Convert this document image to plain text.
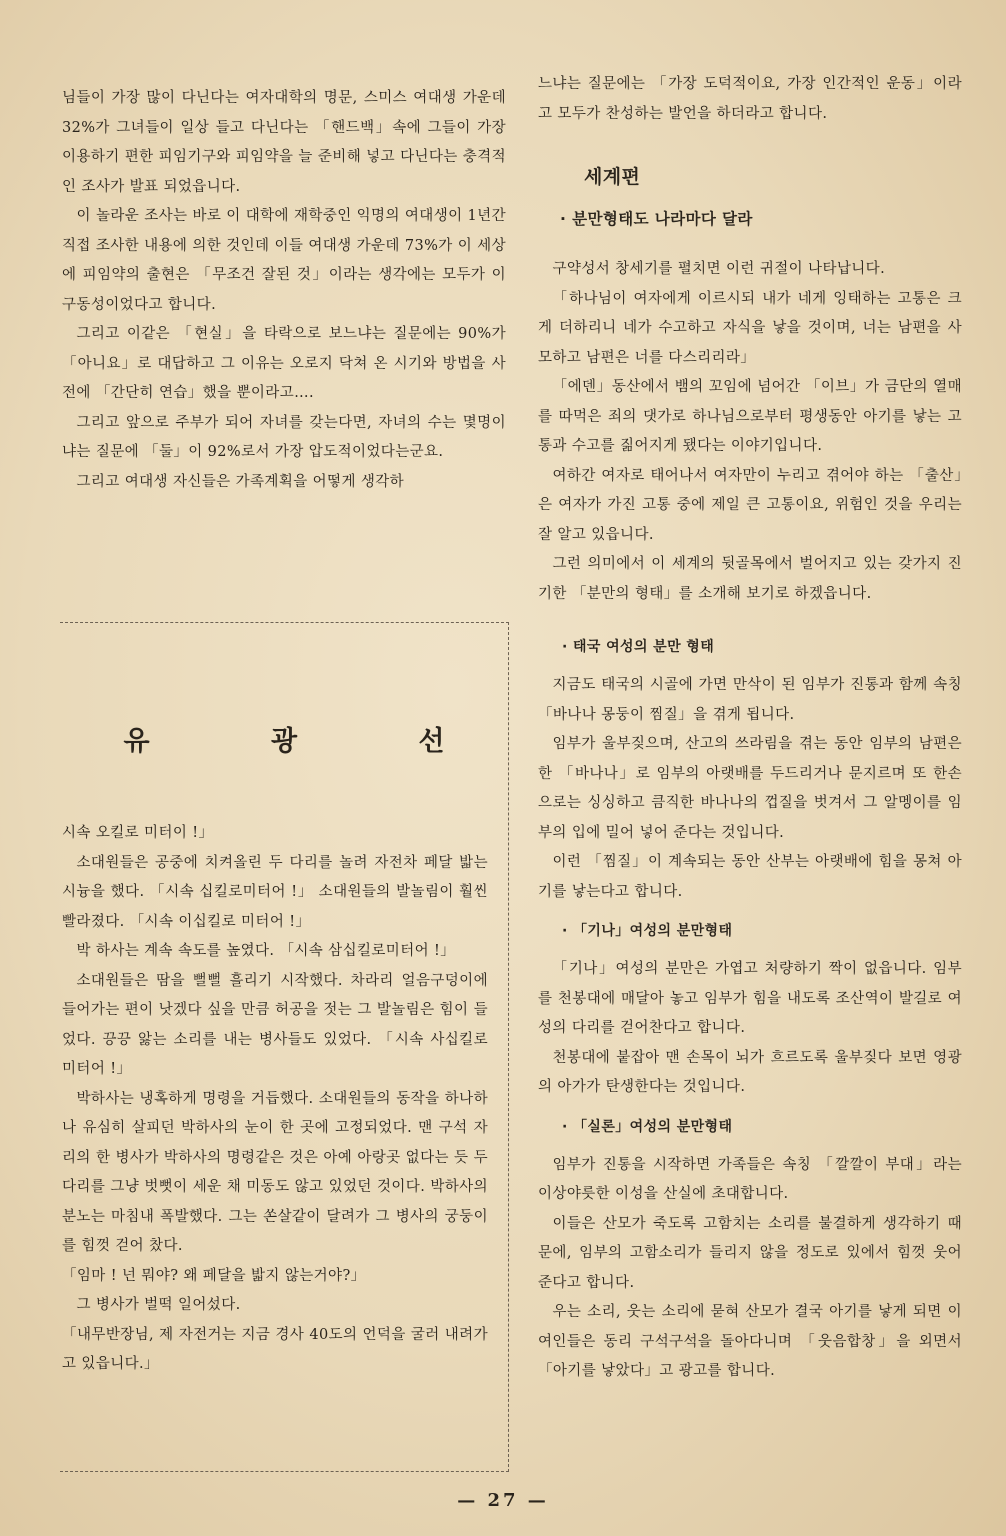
님들이 가장 많이 다닌다는 여자대학의 명문, 스미스 여대생 가운데 32%가 그녀들이 일상 들고 다닌다는 「핸드백」속에 그들이 가장 이용하기 편한 피임기구와 피임약을 늘 준비해 넣고 다닌다는 충격적인 조사가 발표 되었읍니다.

이 놀라운 조사는 바로 이 대학에 재학중인 익명의 여대생이 1년간 직접 조사한 내용에 의한 것인데 이들 여대생 가운데 73%가 이 세상에 피임약의 출현은 「무조건 잘된 것」이라는 생각에는 모두가 이구동성이었다고 합니다.

그리고 이같은 「현실」을 타락으로 보느냐는 질문에는 90%가 「아니요」로 대답하고 그 이유는 오로지 닥쳐 온 시기와 방법을 사전에 「간단히 연습」했을 뿐이라고….

그리고 앞으로 주부가 되어 자녀를 갖는다면, 자녀의 수는 몇명이냐는 질문에 「둘」이 92%로서 가장 압도적이었다는군요.

그리고 여대생 자신들은 가족계획을 어떻게 생각하

유 광 선

시속 오킬로 미터이 !」

소대원들은 공중에 치켜올린 두 다리를 놀려 자전차 페달 밟는 시늉을 했다. 「시속 십킬로미터어 !」 소대원들의 발놀림이 훨씬 빨라졌다. 「시속 이십킬로 미터어 !」

박 하사는 계속 속도를 높였다. 「시속 삼십킬로미터어 !」

소대원들은 땀을 뻘뻘 흘리기 시작했다. 차라리 얼음구덩이에 들어가는 편이 낫겠다 싶을 만큼 허공을 젓는 그 발놀림은 힘이 들었다. 끙끙 앓는 소리를 내는 병사들도 있었다. 「시속 사십킬로 미터어 !」

박하사는 냉혹하게 명령을 거듭했다. 소대원들의 동작을 하나하나 유심히 살피던 박하사의 눈이 한 곳에 고정되었다. 맨 구석 자리의 한 병사가 박하사의 명령같은 것은 아예 아랑곳 없다는 듯 두 다리를 그냥 벗뻣이 세운 채 미동도 않고 있었던 것이다. 박하사의 분노는 마침내 폭발했다. 그는 쏜살같이 달려가 그 병사의 궁둥이를 힘껏 걷어 찼다.

「임마 ! 넌 뭐야? 왜 페달을 밟지 않는거야?」

그 병사가 벌떡 일어섰다.

「내무반장님, 제 자전거는 지금 경사 40도의 언덕을 굴러 내려가고 있읍니다.」

느냐는 질문에는 「가장 도덕적이요, 가장 인간적인 운동」이라고 모두가 찬성하는 발언을 하더라고 합니다.

세계편
· 분만형태도 나라마다 달라

구약성서 창세기를 펼치면 이런 귀절이 나타납니다.

「하나님이 여자에게 이르시되 내가 네게 잉태하는 고통은 크게 더하리니 네가 수고하고 자식을 낳을 것이며, 너는 남편을 사모하고 남편은 너를 다스리리라」

「에덴」동산에서 뱀의 꼬임에 넘어간 「이브」가 금단의 열매를 따먹은 죄의 댓가로 하나님으로부터 평생동안 아기를 낳는 고통과 수고를 짊어지게 됐다는 이야기입니다.

여하간 여자로 태어나서 여자만이 누리고 겪어야 하는 「출산」은 여자가 가진 고통 중에 제일 큰 고통이요, 위험인 것을 우리는 잘 알고 있읍니다.

그런 의미에서 이 세계의 뒷골목에서 벌어지고 있는 갖가지 진기한 「분만의 형태」를 소개해 보기로 하겠읍니다.

· 태국 여성의 분만 형태

지금도 태국의 시골에 가면 만삭이 된 임부가 진통과 함께 속칭「바나나 몽둥이 찜질」을 겪게 됩니다.

임부가 울부짖으며, 산고의 쓰라림을 겪는 동안 임부의 남편은 한 「바나나」로 임부의 아랫배를 두드리거나 문지르며 또 한손으로는 싱싱하고 큼직한 바나나의 껍질을 벗겨서 그 알멩이를 임부의 입에 밀어 넣어 준다는 것입니다.

이런 「찜질」이 계속되는 동안 산부는 아랫배에 힘을 몽쳐 아기를 낳는다고 합니다.

· 「기나」여성의 분만형태

「기나」여성의 분만은 가엽고 처량하기 짝이 없읍니다. 임부를 천봉대에 매달아 놓고 임부가 힘을 내도록 조산역이 발길로 여성의 다리를 걷어찬다고 합니다.

천봉대에 붙잡아 맨 손목이 뇌가 흐르도록 울부짖다 보면 영광의 아가가 탄생한다는 것입니다.

· 「실론」여성의 분만형태

임부가 진통을 시작하면 가족들은 속칭 「깔깔이 부대」라는 이상야릇한 이성을 산실에 초대합니다.

이들은 산모가 죽도록 고함치는 소리를 불결하게 생각하기 때문에, 임부의 고함소리가 들리지 않을 정도로 있에서 힘껏 웃어 준다고 합니다.

우는 소리, 웃는 소리에 묻혀 산모가 결국 아기를 낳게 되면 이 여인들은 동리 구석구석을 돌아다니며 「웃음합창」을 외면서 「아기를 낳았다」고 광고를 합니다.

— 27 —
